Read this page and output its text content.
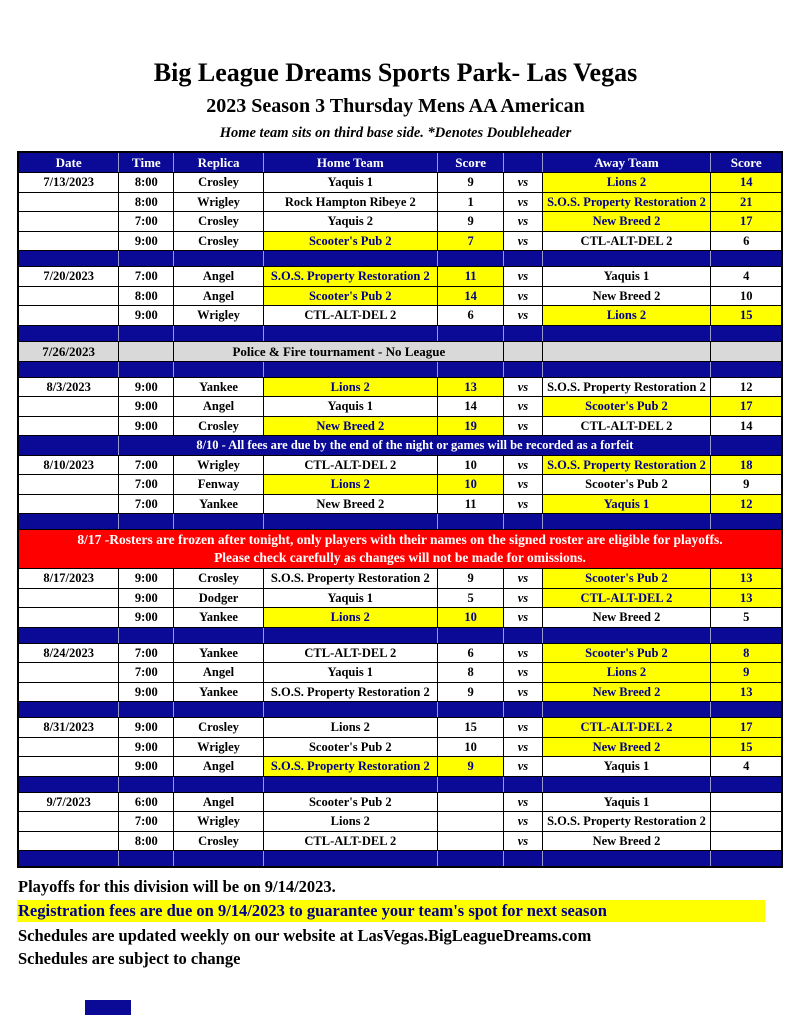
Big League Dreams Sports Park- Las Vegas
2023 Season 3 Thursday Mens AA American
Home team sits on third base side. *Denotes Doubleheader
Date	Time	Replica	Home Team	Score		Away Team	Score
7/13/2023	8:00	Crosley	Yaquis 1	9	vs	Lions 2	14
	8:00	Wrigley	Rock Hampton Ribeye 2	1	vs	S.O.S. Property Restoration 2	21
	7:00	Crosley	Yaquis 2	9	vs	New Breed 2	17
	9:00	Crosley	Scooter's Pub 2	7	vs	CTL-ALT-DEL 2	6

7/20/2023	7:00	Angel	S.O.S. Property Restoration 2	11	vs	Yaquis 1	4
	8:00	Angel	Scooter's Pub 2	14	vs	New Breed 2	10
	9:00	Wrigley	CTL-ALT-DEL 2	6	vs	Lions 2	15

7/26/2023		Police & Fire tournament - No League					

8/3/2023	9:00	Yankee	Lions 2	13	vs	S.O.S. Property Restoration 2	12
	9:00	Angel	Yaquis 1	14	vs	Scooter's Pub 2	17
	9:00	Crosley	New Breed 2	19	vs	CTL-ALT-DEL 2	14
	8/10 - All fees are due by the end of the night or games will be recorded as a forfeit						
8/10/2023	7:00	Wrigley	CTL-ALT-DEL 2	10	vs	S.O.S. Property Restoration 2	18
	7:00	Fenway	Lions 2	10	vs	Scooter's Pub 2	9
	7:00	Yankee	New Breed 2	11	vs	Yaquis 1	12

8/17 -Rosters are frozen after tonight, only players with their names on the signed roster are eligible for playoffs.
Please check carefully as changes will not be made for omissions.							

8/17/2023	9:00	Crosley	S.O.S. Property Restoration 2	9	vs	Scooter's Pub 2	13
	9:00	Dodger	Yaquis 1	5	vs	CTL-ALT-DEL 2	13
	9:00	Yankee	Lions 2	10	vs	New Breed 2	5

8/24/2023	7:00	Yankee	CTL-ALT-DEL 2	6	vs	Scooter's Pub 2	8
	7:00	Angel	Yaquis 1	8	vs	Lions 2	9
	9:00	Yankee	S.O.S. Property Restoration 2	9	vs	New Breed 2	13

8/31/2023	9:00	Crosley	Lions 2	15	vs	CTL-ALT-DEL 2	17
	9:00	Wrigley	Scooter's Pub 2	10	vs	New Breed 2	15
	9:00	Angel	S.O.S. Property Restoration 2	9	vs	Yaquis 1	4

9/7/2023	6:00	Angel	Scooter's Pub 2		vs	Yaquis 1	
	7:00	Wrigley	Lions 2		vs	S.O.S. Property Restoration 2	
	8:00	Crosley	CTL-ALT-DEL 2		vs	New Breed 2	

Playoffs for this division will be on 9/14/2023.
Registration fees are due on 9/14/2023 to guarantee your team's spot for next season
Schedules are updated weekly on our website at LasVegas.BigLeagueDreams.com
Schedules are subject to change
